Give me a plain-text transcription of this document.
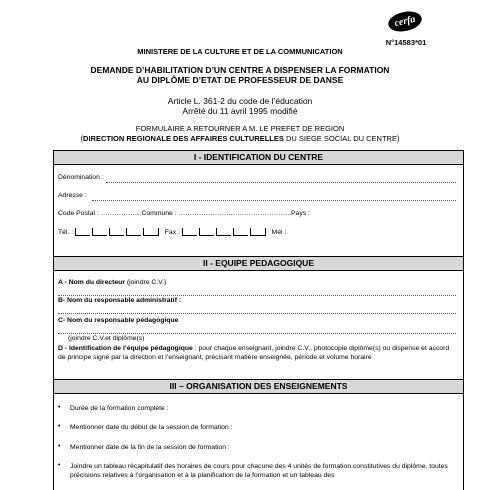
cerfa
N°14583*01
MINISTERE DE LA CULTURE ET DE LA COMMUNICATION
DEMANDE D’HABILITATION D’UN CENTRE A DISPENSER LA FORMATION
AU DIPLÔME D’ETAT DE PROFESSEUR DE DANSE
Article L. 361-2 du code de l’éducation
Arrêté du 11 avril 1995 modifié
FORMULAIRE A RETOURNER A M. LE PREFET DE REGION
(DIRECTION REGIONALE DES AFFAIRES CULTURELLES DU SIEGE SOCIAL DU CENTRE)
I - IDENTIFICATION DU CENTRE
Dénomination :
Adresse :
Code Postal : ………………Commune : …………………………………………..Pays :
Tél. :	Fax :	Mél :
II - EQUIPE PEDAGOGIQUE
A - Nom du directeur (joindre C.V.)
B- Nom du responsable administratif :
C- Nom du responsable pédagogique
(joindre C.V.et diplôme(s)
D - Identification de l’équipe pédagogique : pour chaque enseignant, joindre C.V., photocopie diplôme(s) ou dispense et accord de principe signé par la direction et l’enseignant, précisant matière enseignée, période et volume horaire
III – ORGANISATION DES ENSEIGNEMENTS
• Durée de la formation complète :
• Mentionner date du début de la session de formation :
• Mentionner date de la fin de la session de formation :
• Joindre un tableau récapitulatif des horaires de cours pour chacune des 4 unités de formation constitutives du diplôme, toutes précisions relatives à l’organisation et à la planification de la formation et un tableau des
